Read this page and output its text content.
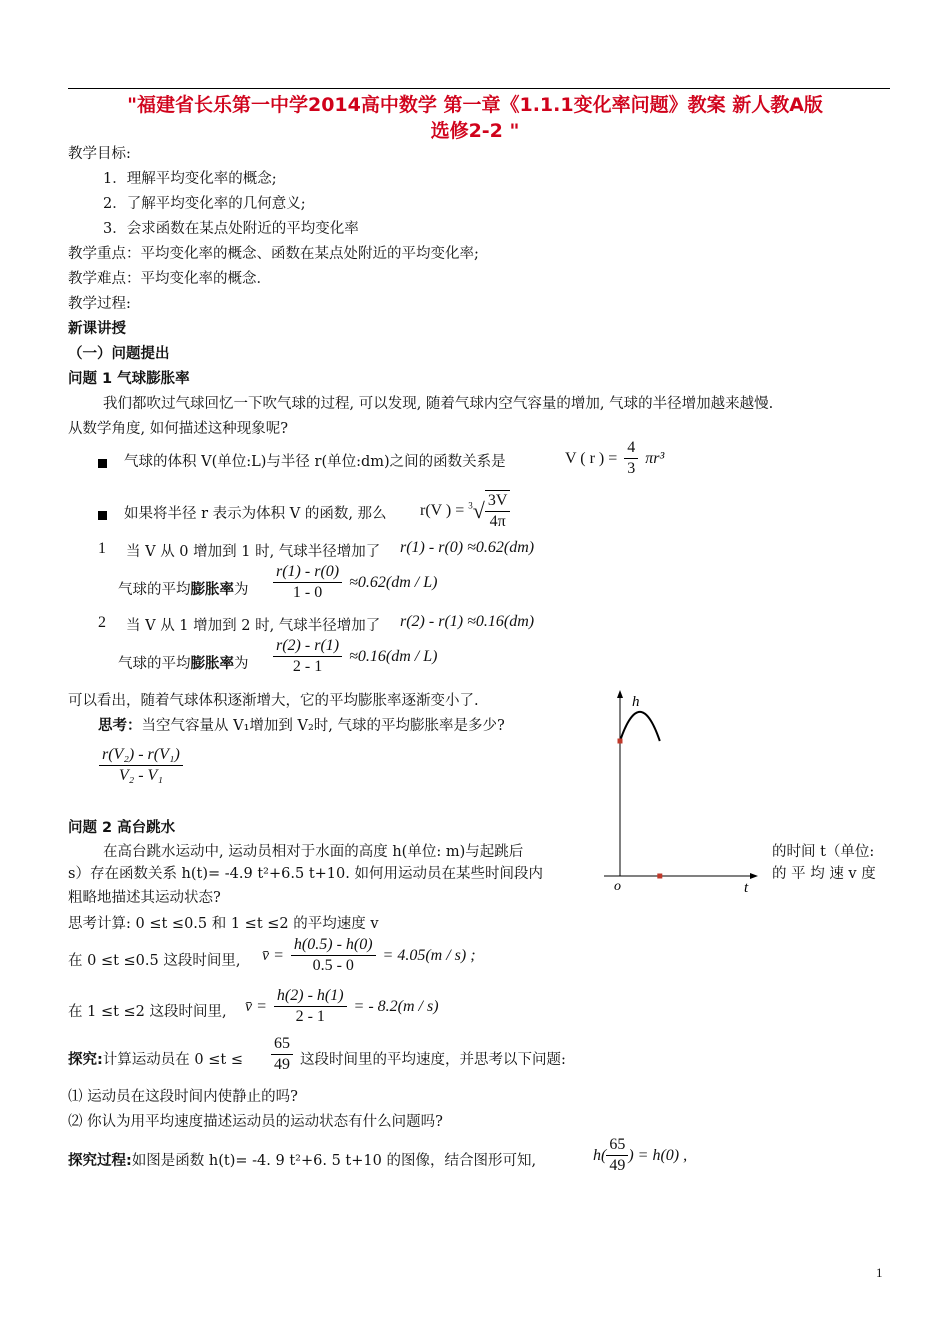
"福建省长乐第一中学2014高中数学 第一章《1.1.1变化率问题》教案 新人教A版
选修2-2 "
教学目标:
1．理解平均变化率的概念;
2．了解平均变化率的几何意义;
3．会求函数在某点处附近的平均变化率
教学重点：平均变化率的概念、函数在某点处附近的平均变化率;
教学难点：平均变化率的概念．
教学过程:
新课讲授
（一）问题提出
问题 1 气球膨胀率
我们都吹过气球回忆一下吹气球的过程, 可以发现, 随着气球内空气容量的增加, 气球的半径增加越来越慢.
从数学角度, 如何描述这种现象呢?
气球的体积 V(单位:L)与半径 r(单位:dm)之间的函数关系是	V ( r ) = $\frac{4}{3} \pi r^3$
如果将半径 r 表示为体积 V 的函数, 那么 r(V ) = $^3√ \frac{3V}{4\pi}$
1 当 V 从 0 增加到 1 时, 气球半径增加了 r(1) - r(0) ≈0.62(dm)
气球的平均膨胀率为 $\frac{r(1) - r(0)}{1 - 0} \approx 0.62(dm / L)$
2 当 V 从 1 增加到 2 时, 气球半径增加了 r(2) - r(1) ≈0.16(dm)
气球的平均膨胀率为 $\frac{r(2) - r(1)}{2 - 1} \approx 0.16(dm / L)$
可以看出，随着气球体积逐渐增大，它的平均膨胀率逐渐变小了.
思考：当空气容量从 V₁增加到 V₂时, 气球的平均膨胀率是多少?
$\frac{\text{r(V₂) - r(V₁)}}{\text{V₂ - V₁}}$
问题 2 高台跳水
在高台跳水运动中, 运动员相对于水面的高度 h(单位: m)与起跳后	的时间 t（单位:
s）存在函数关系 h(t)= -4.9 t²+6.5 t+10. 如何用运动员在某些时间段内	的 平 均 速 v 度
粗略地描述其运动状态?
思考计算: 0 ≤t ≤0.5 和 1 ≤t ≤2 的平均速度 v
在 0 ≤t ≤0.5 这段时间里, v̄ = $\frac{h(0.5) - h(0)}{0.5 - 0} = 4.05(m / s)$ ;
在 1 ≤t ≤2 这段时间里, v̄ = $\frac{h(2) - h(1)}{2 - 1}$ = - 8.2(m / s)
探究:计算运动员在 $0 \le t \le \frac{65}{49}$ 这段时间里的平均速度，并思考以下问题:
⑴ 运动员在这段时间内使静止的吗?
⑵ 你认为用平均速度描述运动员的运动状态有什么问题吗?
探究过程:如图是函数 h(t)= -4. 9 t²+6. 5 t+10 的图像，结合图形可知,	$h( \frac{65}{49}$ ) = h(0) ,
h
t
o
1
